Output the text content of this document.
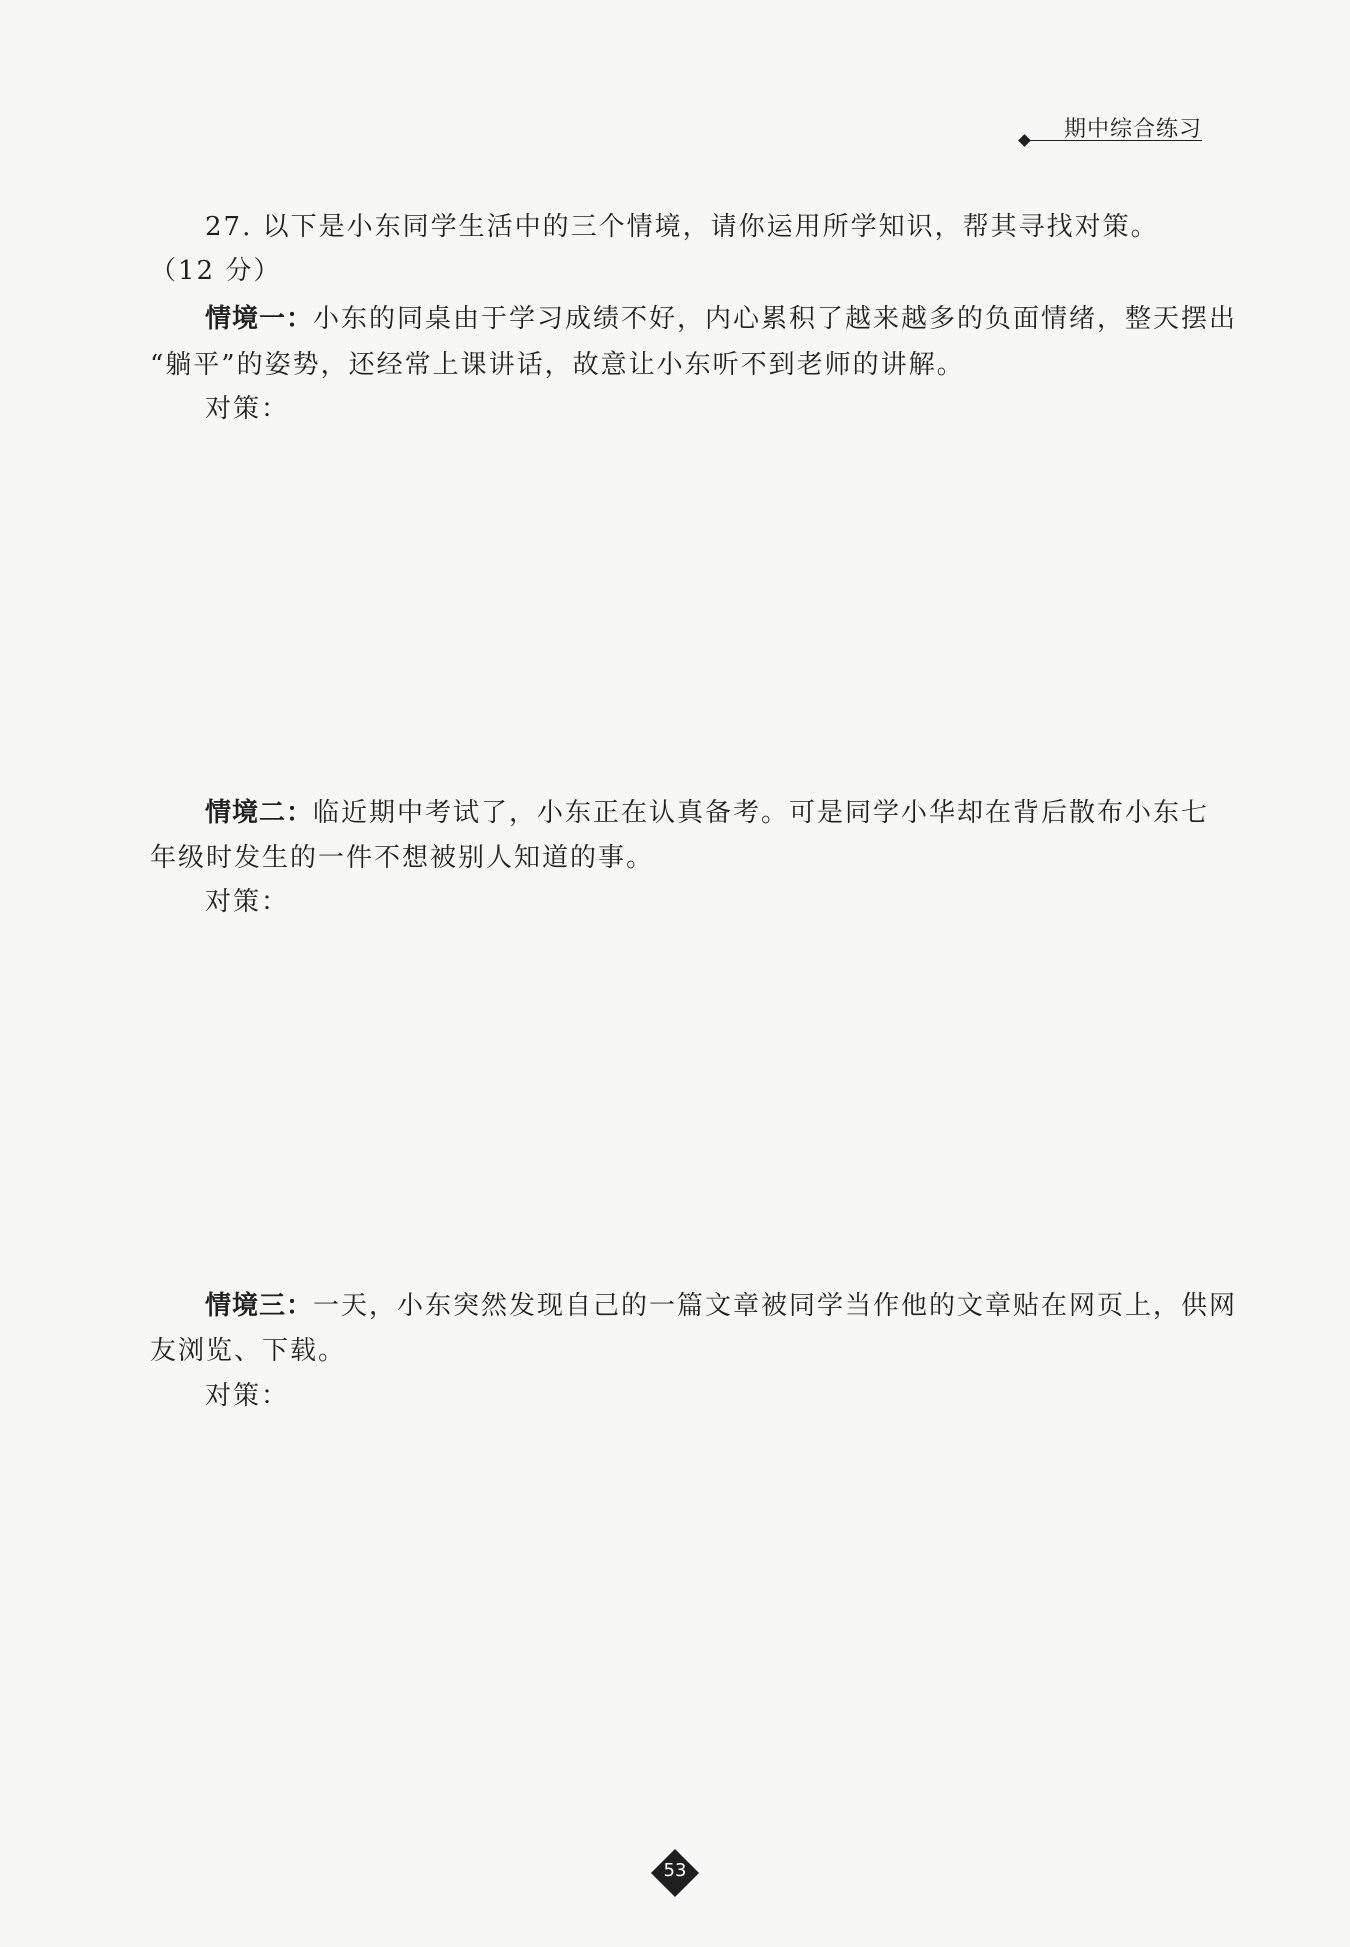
期中综合练习
27. 以下是小东同学生活中的三个情境，请你运用所学知识，帮其寻找对策。
（12 分）
情境一：小东的同桌由于学习成绩不好，内心累积了越来越多的负面情绪，整天摆出
“躺平”的姿势，还经常上课讲话，故意让小东听不到老师的讲解。
对策：
情境二：临近期中考试了，小东正在认真备考。可是同学小华却在背后散布小东七
年级时发生的一件不想被别人知道的事。
对策：
情境三：一天，小东突然发现自己的一篇文章被同学当作他的文章贴在网页上，供网
友浏览、下载。
对策：
53
